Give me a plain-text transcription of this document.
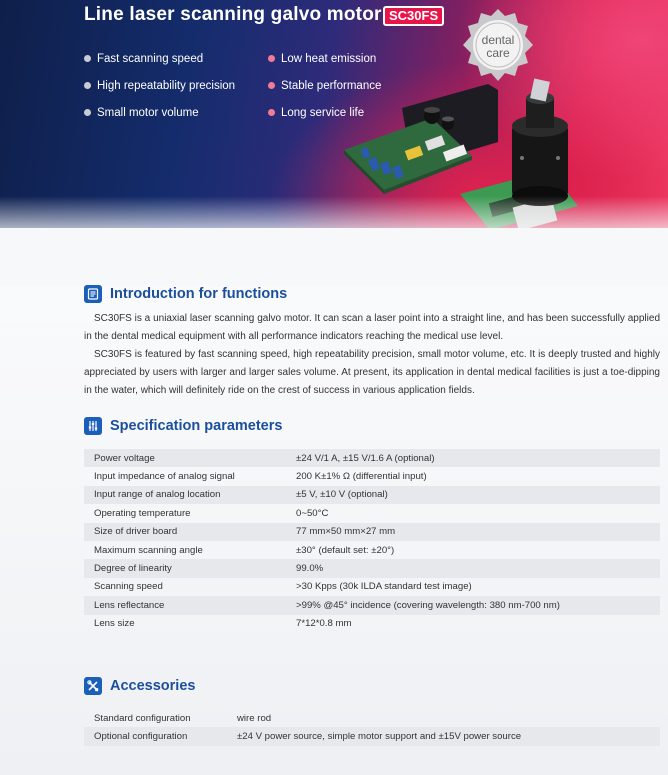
Line laser scanning galvo motor SC30FS
Fast scanning speed	Low heat emission
High repeatability precision	Stable performance
Small motor volume	Long service life
dental
care
Introduction for functions

SC30FS is a uniaxial laser scanning galvo motor. It can scan a laser point into a straight line, and has been successfully applied in the dental medical equipment with all performance indicators reaching the medical use level.

SC30FS is featured by fast scanning speed, high repeatability precision, small motor volume, etc. It is deeply trusted and highly appreciated by users with larger and larger sales volume. At present, its application in dental medical facilities is just a toe-dipping in the water, which will definitely ride on the crest of success in various application fields.

Specification parameters
Power voltage	±24 V/1 A, ±15 V/1.6 A (optional)
Input impedance of analog signal	200 K±1% Ω (differential input)
Input range of analog location	±5 V, ±10 V (optional)
Operating temperature	0~50°C
Size of driver board	77 mm×50 mm×27 mm
Maximum scanning angle	±30° (default set: ±20°)
Degree of linearity	99.0%
Scanning speed	>30 Kpps (30k ILDA standard test image)
Lens reflectance	>99% @45° incidence (covering wavelength: 380 nm-700 nm)
Lens size	7*12*0.8 mm
Accessories
Standard configuration	wire rod
Optional configuration	±24 V power source, simple motor support and ±15V power source
